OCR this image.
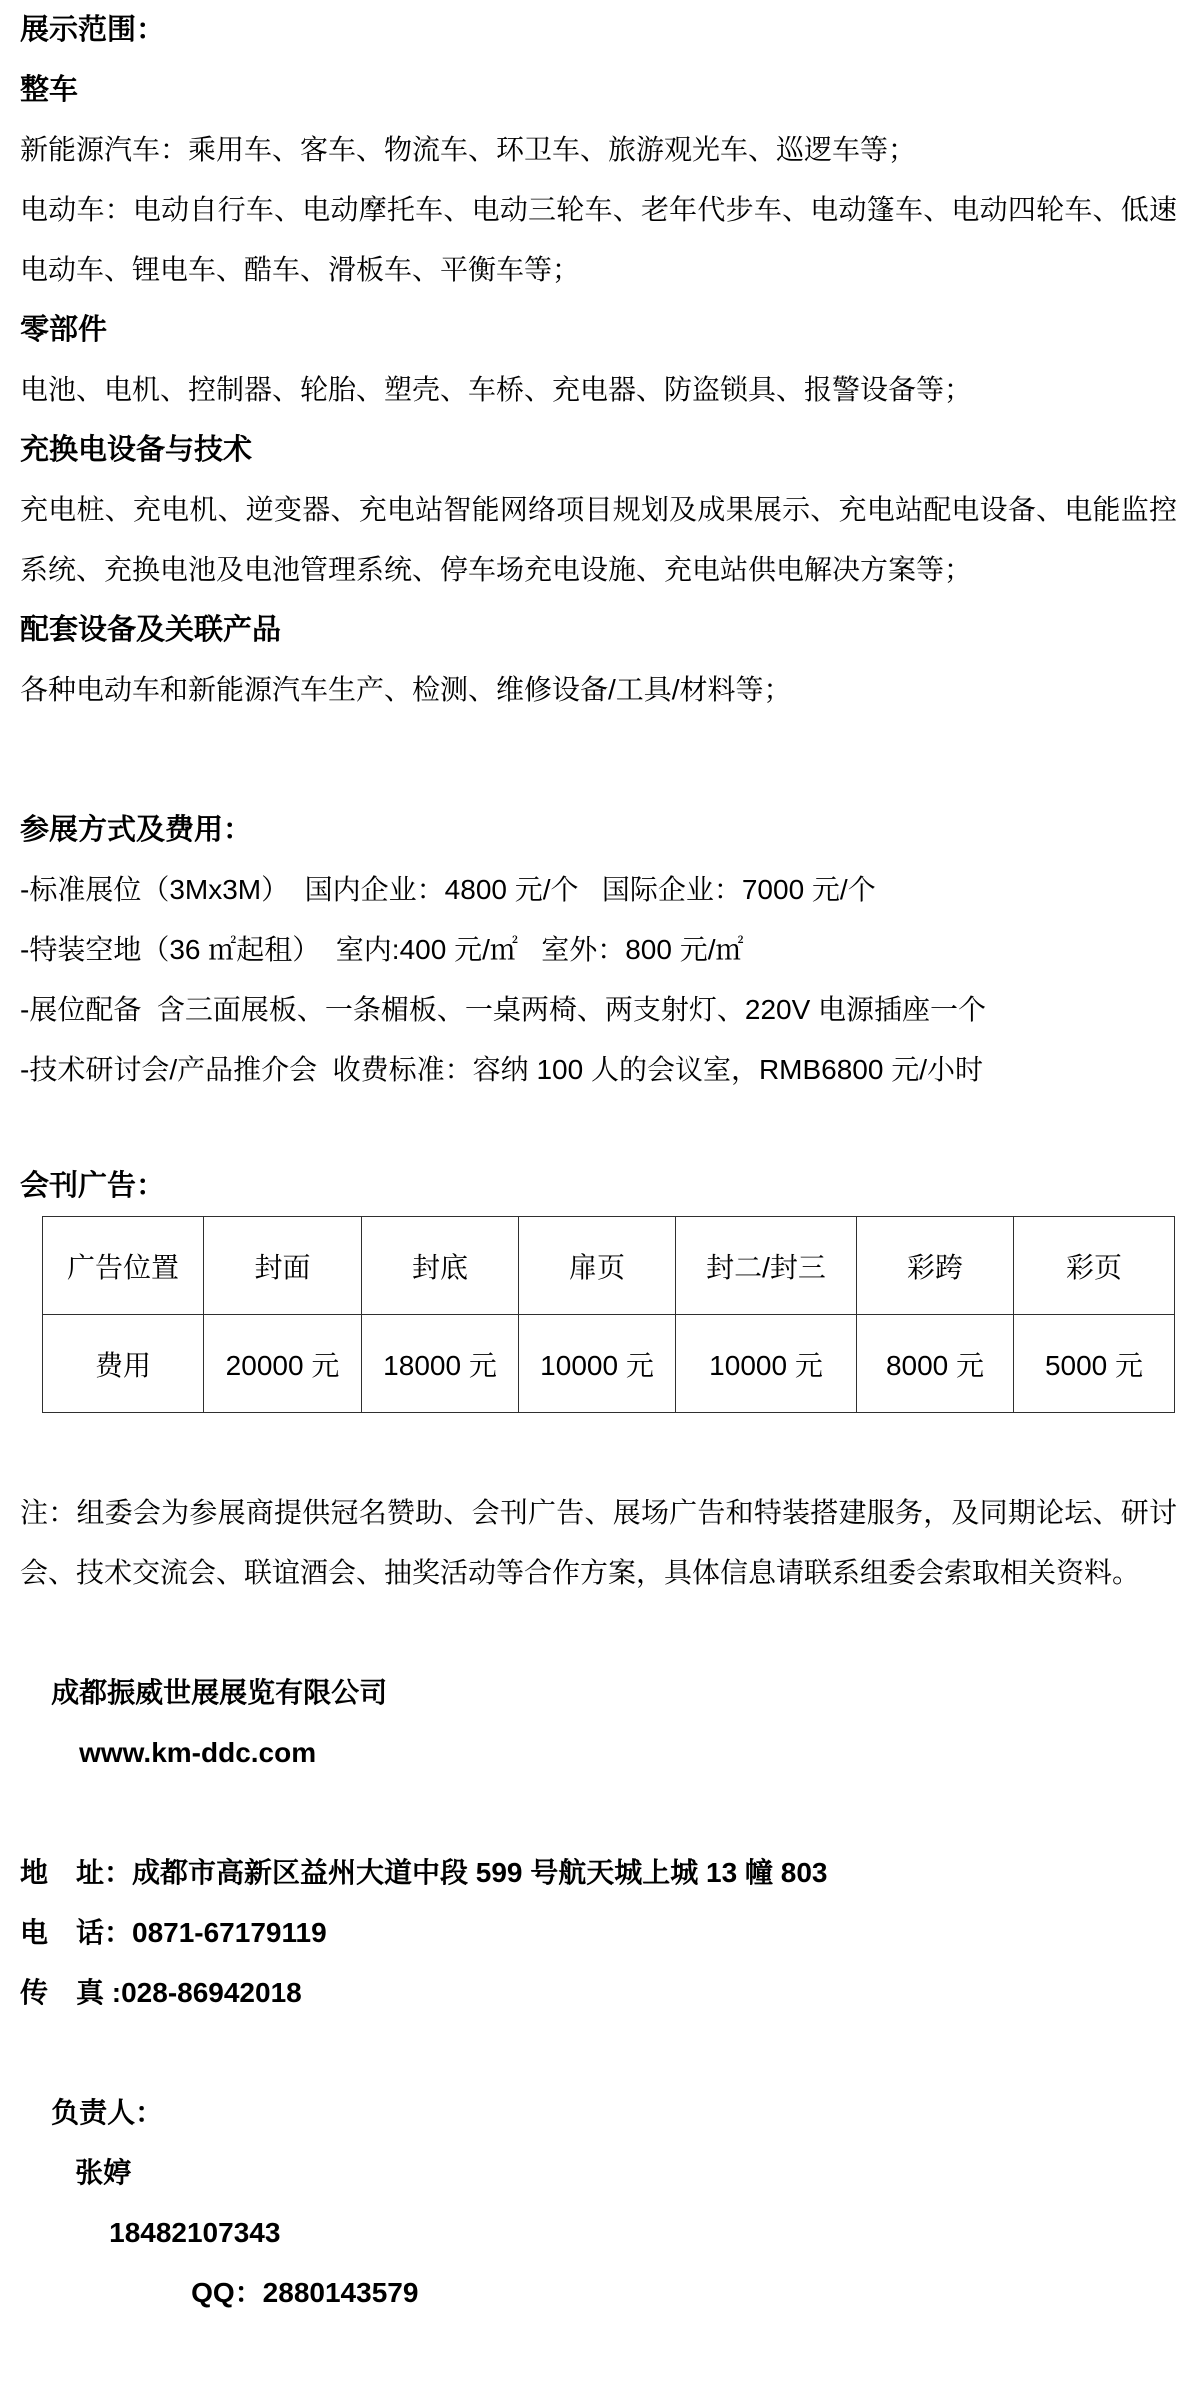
展示范围：
整车
新能源汽车：乘用车、客车、物流车、环卫车、旅游观光车、巡逻车等；
电动车：电动自行车、电动摩托车、电动三轮车、老年代步车、电动篷车、电动四轮车、低速电动车、锂电车、酷车、滑板车、平衡车等；
零部件
电池、电机、控制器、轮胎、塑壳、车桥、充电器、防盗锁具、报警设备等；
充换电设备与技术
充电桩、充电机、逆变器、充电站智能网络项目规划及成果展示、充电站配电设备、电能监控系统、充换电池及电池管理系统、停车场充电设施、充电站供电解决方案等；
配套设备及关联产品
各种电动车和新能源汽车生产、检测、维修设备/工具/材料等；
参展方式及费用：
-标准展位（3Mx3M）  国内企业：4800 元/个   国际企业：7000 元/个
-特装空地（36 ㎡起租）  室内:400 元/㎡   室外：800 元/㎡
-展位配备  含三面展板、一条楣板、一桌两椅、两支射灯、220V 电源插座一个
-技术研讨会/产品推介会  收费标准：容纳 100 人的会议室，RMB6800 元/小时
会刊广告：
广告位置	封面	封底	扉页	封二/封三	彩跨	彩页
费用	20000 元	18000 元	10000 元	10000 元	8000 元	5000 元
注：组委会为参展商提供冠名赞助、会刊广告、展场广告和特装搭建服务，及同期论坛、研讨会、技术交流会、联谊酒会、抽奖活动等合作方案，具体信息请联系组委会索取相关资料。

成都振威世展展览有限公司
www.km-ddc.com

地　址：成都市高新区益州大道中段 599 号航天城上城 13 幢 803
电　话：0871-67179119
传　真 :028-86942018

负责人：
张婷
18482107343
QQ：2880143579
